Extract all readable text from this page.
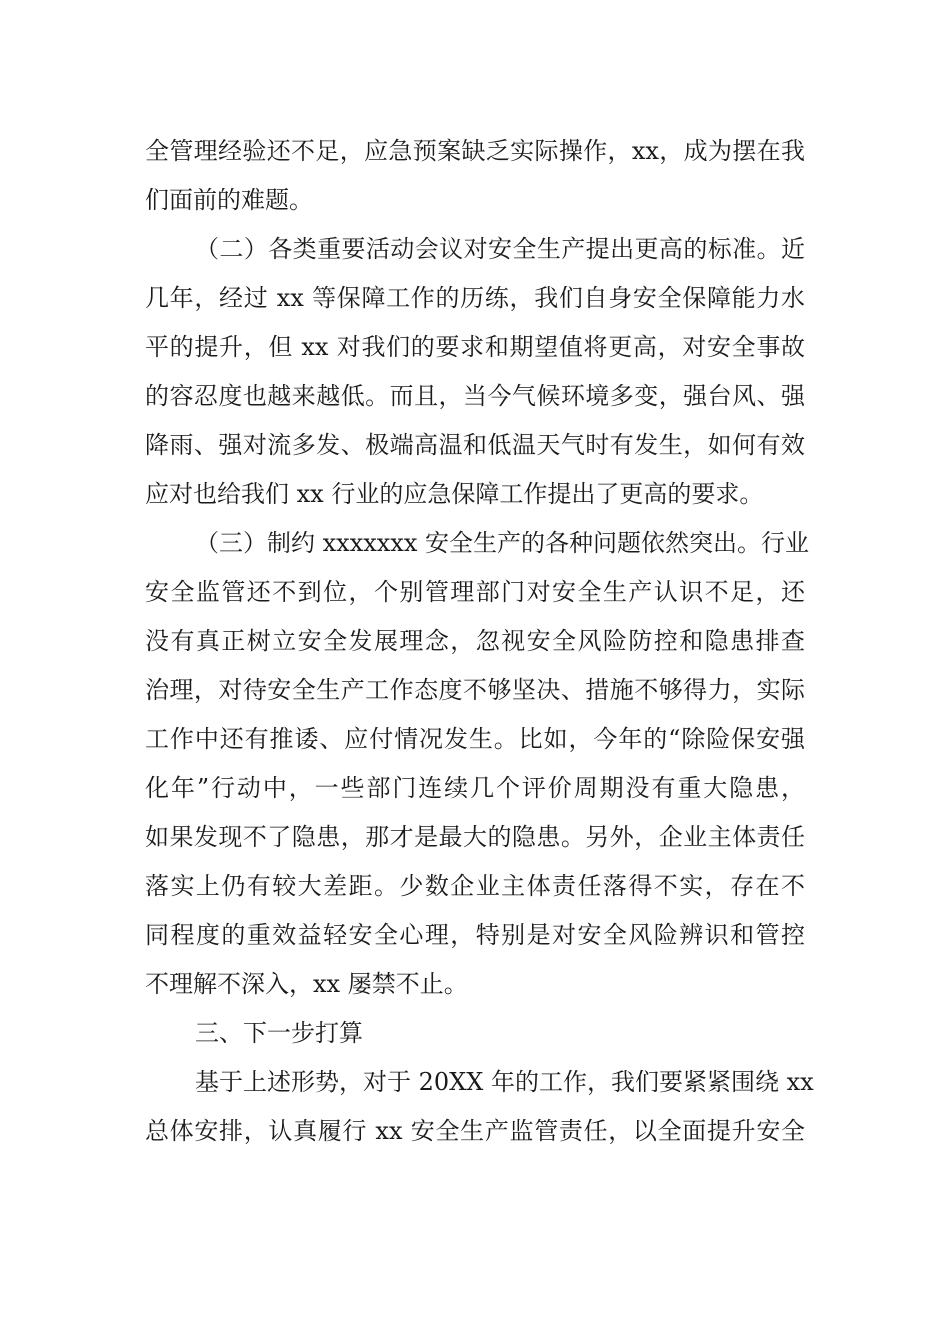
全管理经验还不足，应急预案缺乏实际操作，xx，成为摆在我
们面前的难题。
（二）各类重要活动会议对安全生产提出更高的标准。近
几年，经过 xx 等保障工作的历练，我们自身安全保障能力水
平的提升，但 xx 对我们的要求和期望值将更高，对安全事故
的容忍度也越来越低。而且，当今气候环境多变，强台风、强
降雨、强对流多发、极端高温和低温天气时有发生，如何有效
应对也给我们 xx 行业的应急保障工作提出了更高的要求。
（三）制约 xxxxxxx 安全生产的各种问题依然突出。行业
安全监管还不到位，个别管理部门对安全生产认识不足，还
没有真正树立安全发展理念，忽视安全风险防控和隐患排查
治理，对待安全生产工作态度不够坚决、措施不够得力，实际
工作中还有推诿、应付情况发生。比如，今年的“除险保安强
化年”行动中，一些部门连续几个评价周期没有重大隐患，
如果发现不了隐患，那才是最大的隐患。另外，企业主体责任
落实上仍有较大差距。少数企业主体责任落得不实，存在不
同程度的重效益轻安全心理，特别是对安全风险辨识和管控
不理解不深入，xx 屡禁不止。
三、下一步打算
基于上述形势，对于 20XX 年的工作，我们要紧紧围绕 xx
总体安排，认真履行 xx 安全生产监管责任，以全面提升安全
